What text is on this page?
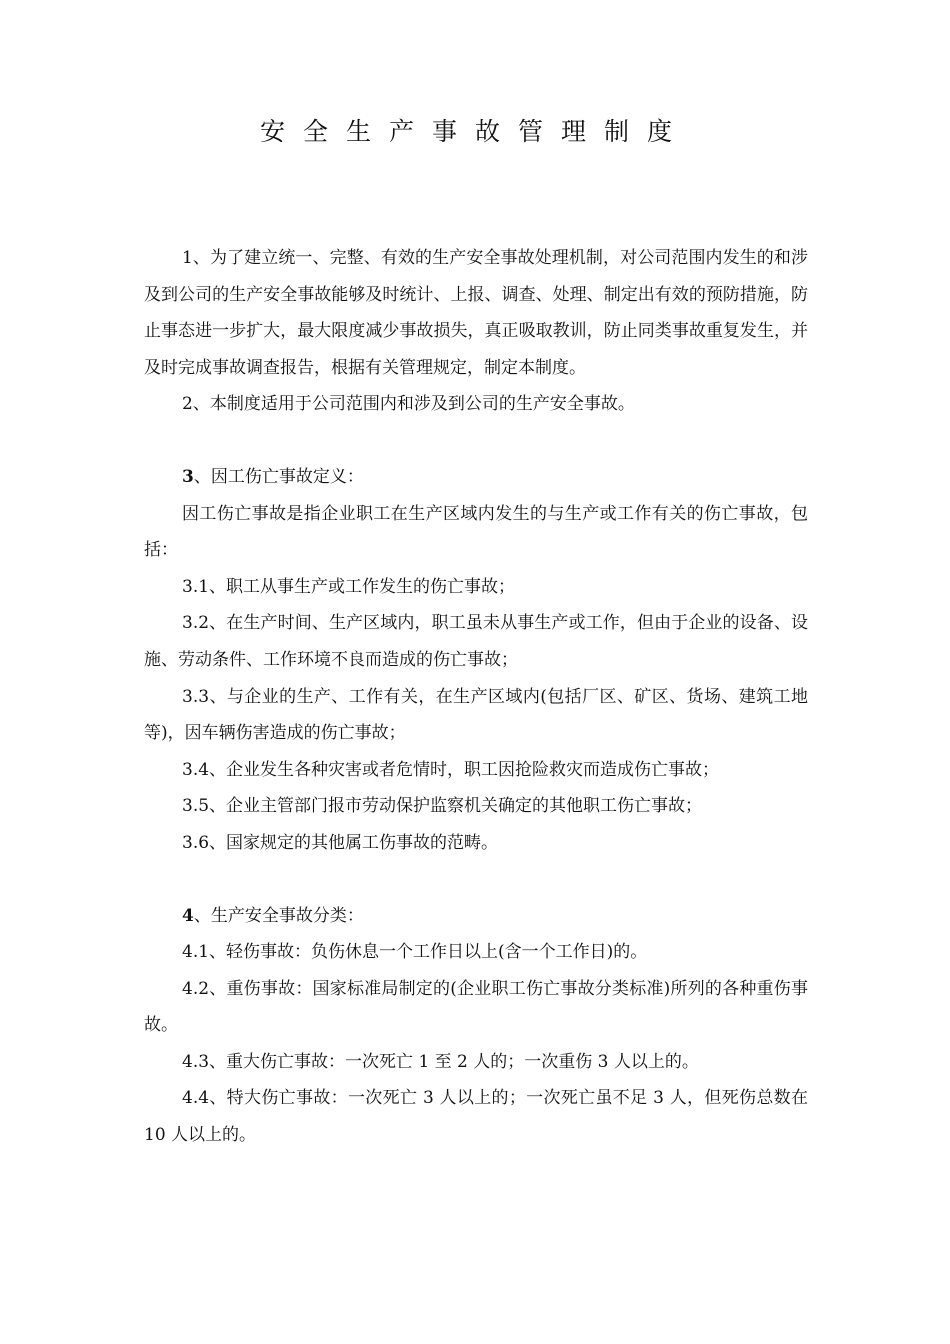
安全生产事故管理制度

1、为了建立统一、完整、有效的生产安全事故处理机制，对公司范围内发生的和涉及到公司的生产安全事故能够及时统计、上报、调查、处理、制定出有效的预防措施，防止事态进一步扩大，最大限度减少事故损失，真正吸取教训，防止同类事故重复发生，并及时完成事故调查报告，根据有关管理规定，制定本制度。

2、本制度适用于公司范围内和涉及到公司的生产安全事故。

3、因工伤亡事故定义：

因工伤亡事故是指企业职工在生产区域内发生的与生产或工作有关的伤亡事故，包括：

3.1、职工从事生产或工作发生的伤亡事故；

3.2、在生产时间、生产区域内，职工虽未从事生产或工作，但由于企业的设备、设施、劳动条件、工作环境不良而造成的伤亡事故；

3.3、与企业的生产、工作有关，在生产区域内(包括厂区、矿区、货场、建筑工地等)，因车辆伤害造成的伤亡事故；

3.4、企业发生各种灾害或者危情时，职工因抢险救灾而造成伤亡事故；

3.5、企业主管部门报市劳动保护监察机关确定的其他职工伤亡事故；

3.6、国家规定的其他属工伤事故的范畴。

4、生产安全事故分类：

4.1、轻伤事故：负伤休息一个工作日以上(含一个工作日)的。

4.2、重伤事故：国家标准局制定的(企业职工伤亡事故分类标准)所列的各种重伤事故。

4.3、重大伤亡事故：一次死亡 1 至 2 人的；一次重伤 3 人以上的。

4.4、特大伤亡事故：一次死亡 3 人以上的；一次死亡虽不足 3 人，但死伤总数在 10 人以上的。
